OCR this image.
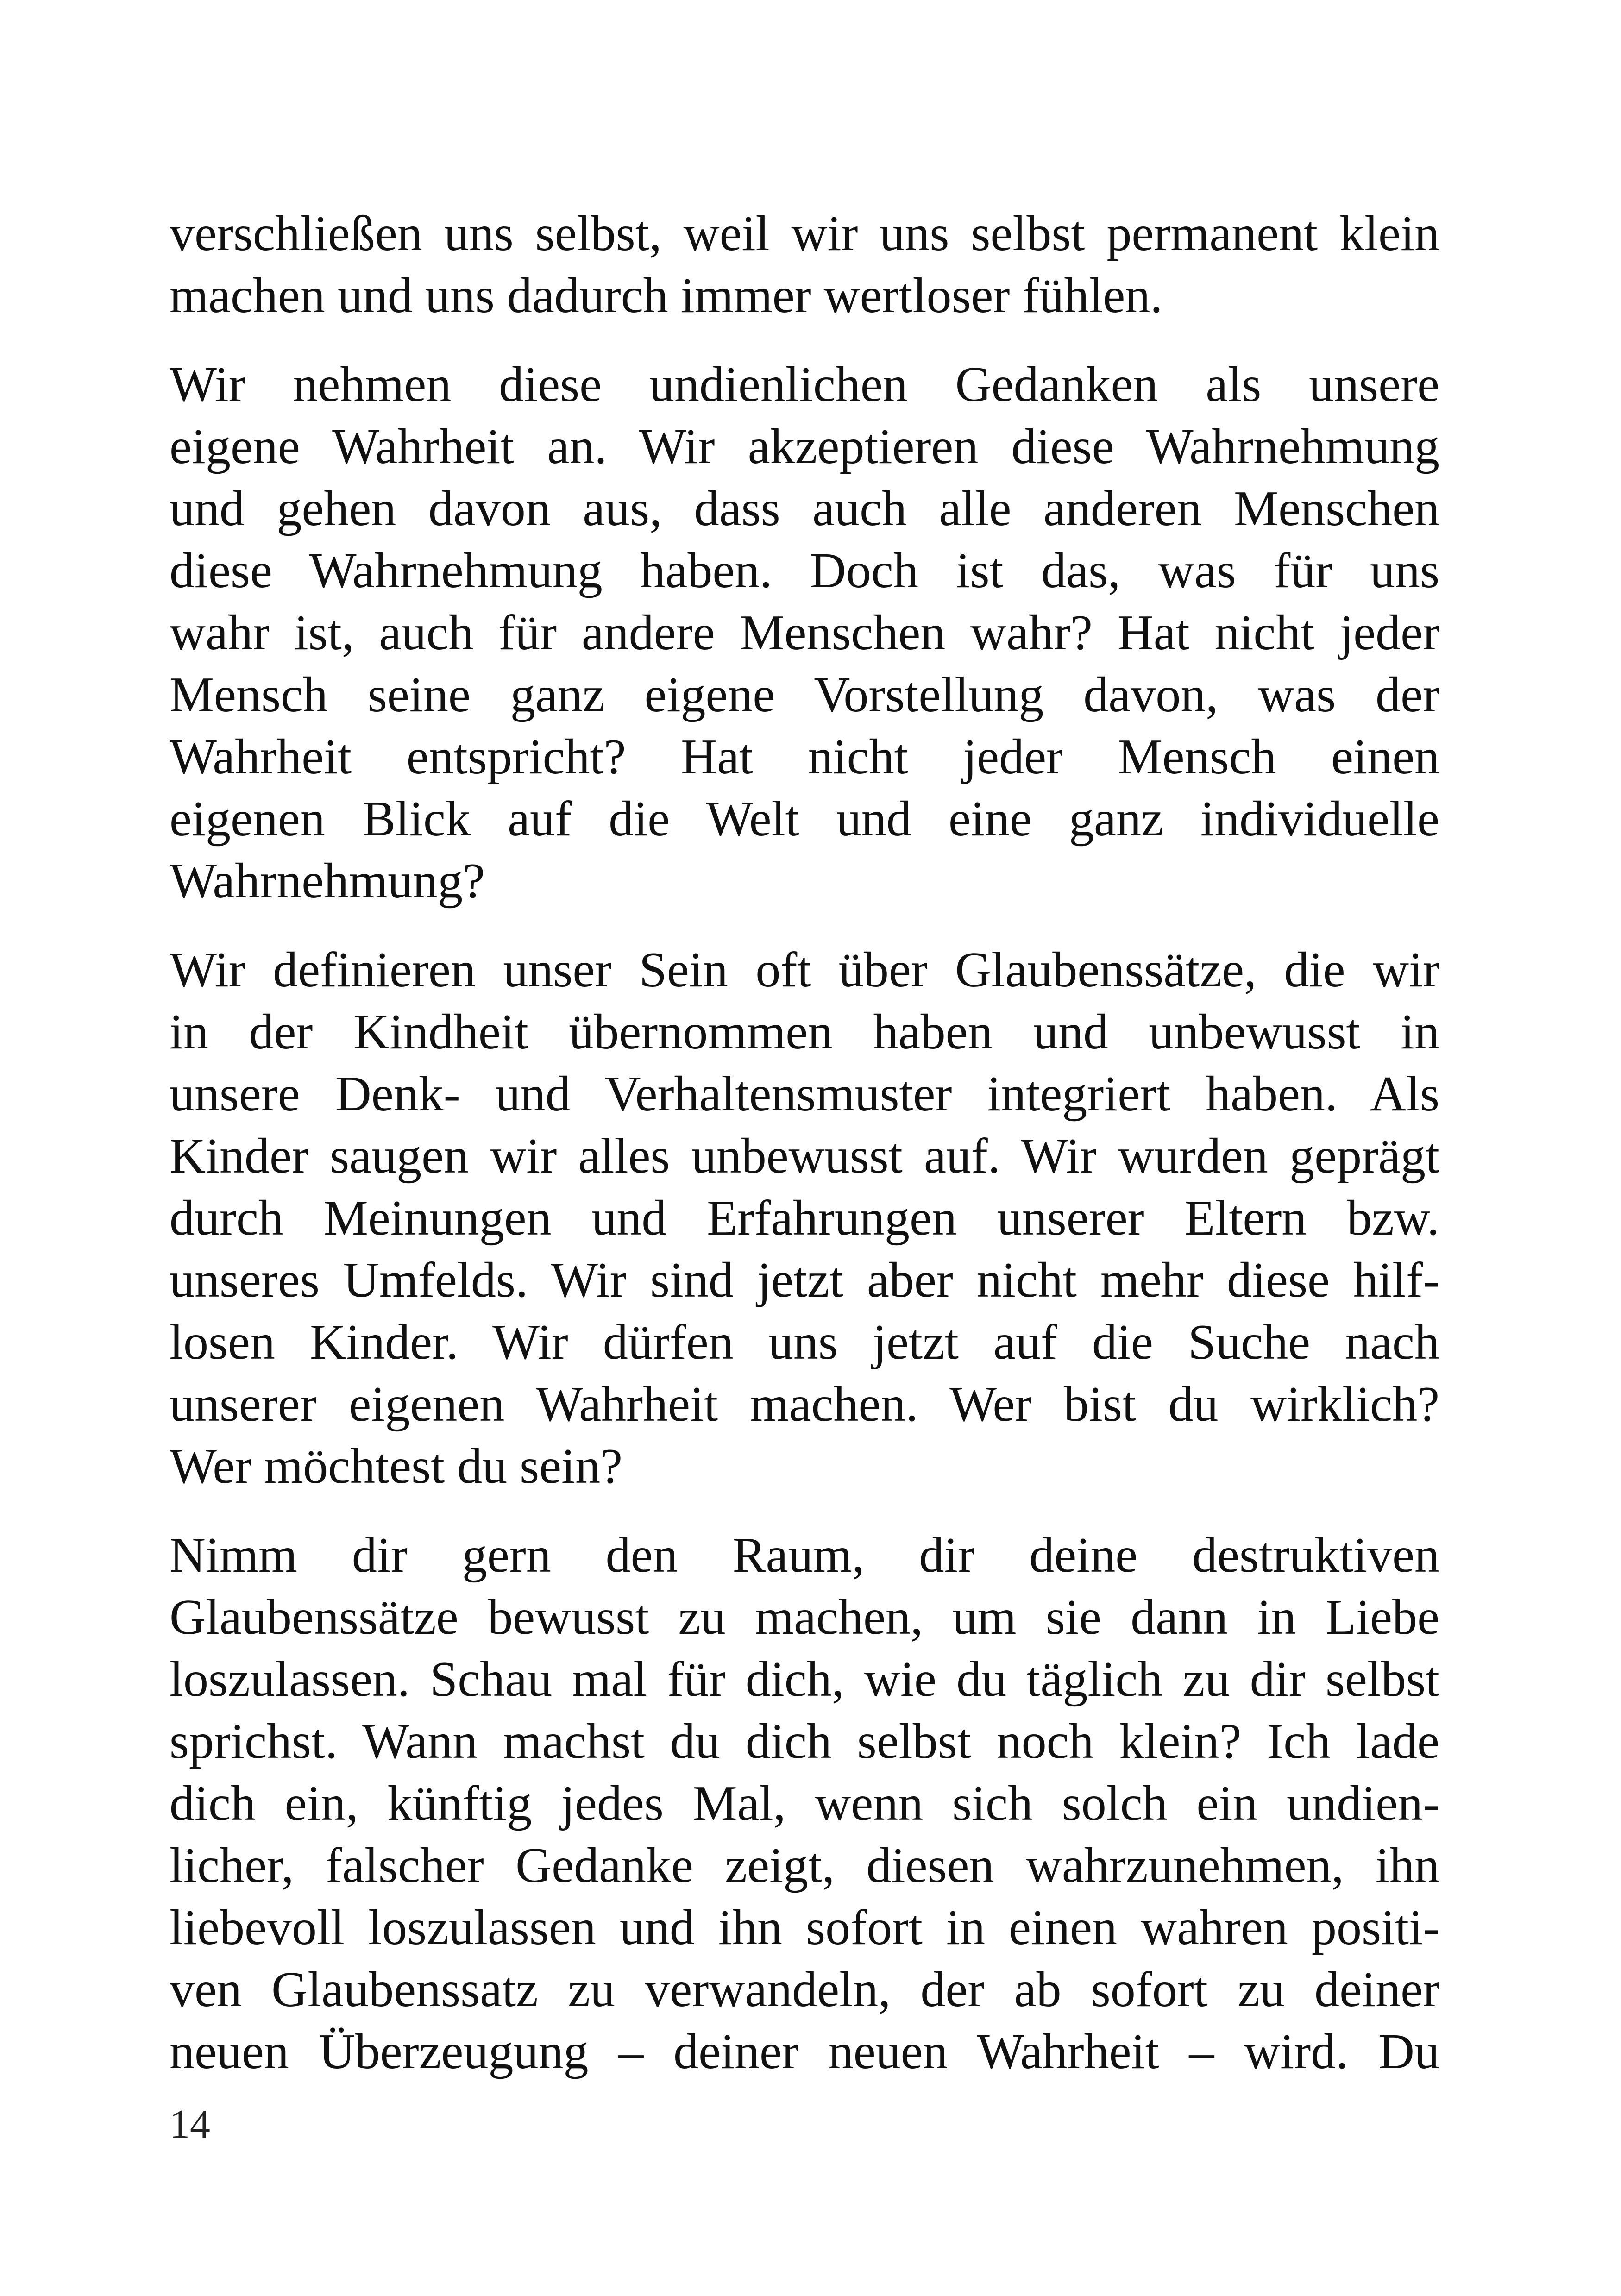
verschließen uns selbst, weil wir uns selbst permanent klein
machen und uns dadurch immer wertloser fühlen.
Wir nehmen diese undienlichen Gedanken als unsere
eigene Wahrheit an. Wir akzeptieren diese Wahrnehmung
und gehen davon aus, dass auch alle anderen Menschen
diese Wahrnehmung haben. Doch ist das, was für uns
wahr ist, auch für andere Menschen wahr? Hat nicht jeder
Mensch seine ganz eigene Vorstellung davon, was der
Wahrheit entspricht? Hat nicht jeder Mensch einen
eigenen Blick auf die Welt und eine ganz individuelle
Wahrnehmung?
Wir definieren unser Sein oft über Glaubenssätze, die wir
in der Kindheit übernommen haben und unbewusst in
unsere Denk- und Verhaltensmuster integriert haben. Als
Kinder saugen wir alles unbewusst auf. Wir wurden geprägt
durch Meinungen und Erfahrungen unserer Eltern bzw.
unseres Umfelds. Wir sind jetzt aber nicht mehr diese hilf-
losen Kinder. Wir dürfen uns jetzt auf die Suche nach
unserer eigenen Wahrheit machen. Wer bist du wirklich?
Wer möchtest du sein?
Nimm dir gern den Raum, dir deine destruktiven
Glaubenssätze bewusst zu machen, um sie dann in Liebe
loszulassen. Schau mal für dich, wie du täglich zu dir selbst
sprichst. Wann machst du dich selbst noch klein? Ich lade
dich ein, künftig jedes Mal, wenn sich solch ein undien-
licher, falscher Gedanke zeigt, diesen wahrzunehmen, ihn
liebevoll loszulassen und ihn sofort in einen wahren positi-
ven Glaubenssatz zu verwandeln, der ab sofort zu deiner
neuen Überzeugung – deiner neuen Wahrheit – wird. Du
14
